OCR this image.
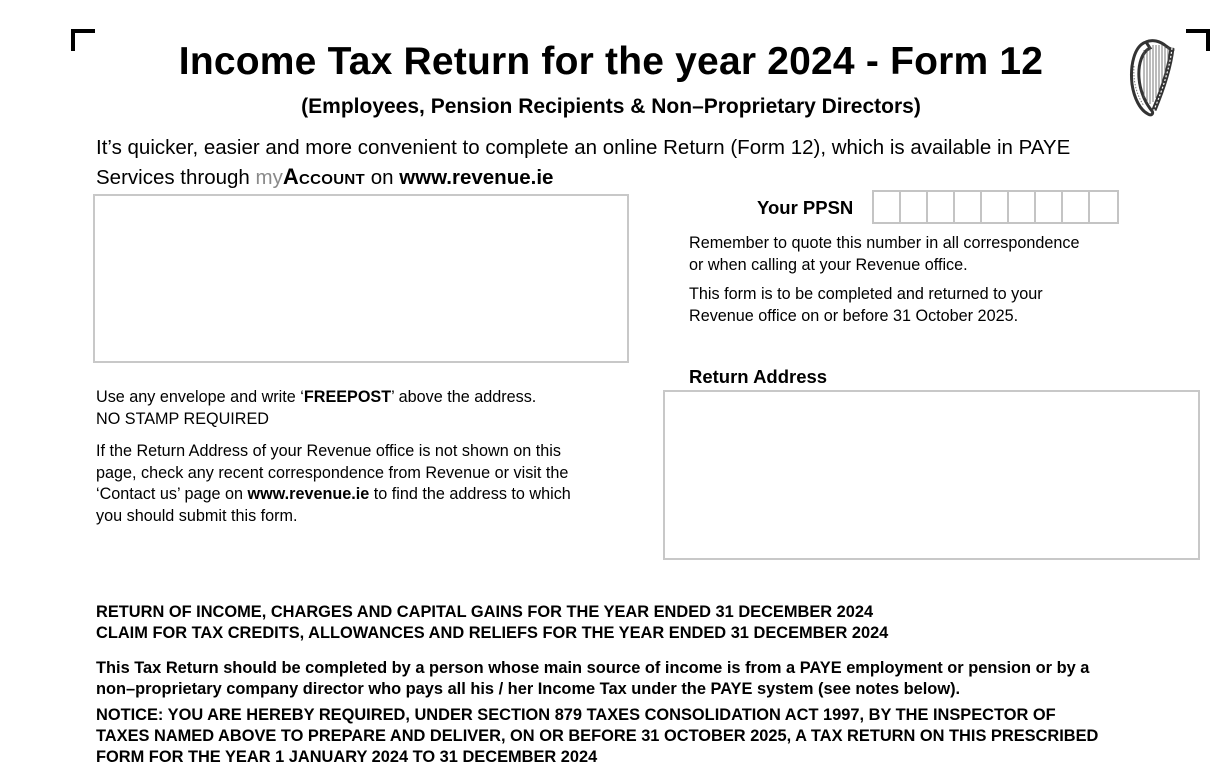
Income Tax Return for the year 2024 - Form 12
(Employees, Pension Recipients & Non–Proprietary Directors)
It’s quicker, easier and more convenient to complete an online Return (Form 12), which is available in PAYE
Services through myAccount on www.revenue.ie
Your PPSN
Remember to quote this number in all correspondence
or when calling at your Revenue office.
This form is to be completed and returned to your
Revenue office on or before 31 October 2025.
Return Address
Use any envelope and write ‘FREEPOST’ above the address.
NO STAMP REQUIRED
If the Return Address of your Revenue office is not shown on this
page, check any recent correspondence from Revenue or visit the
‘Contact us’ page on www.revenue.ie to find the address to which
you should submit this form.
RETURN OF INCOME, CHARGES AND CAPITAL GAINS FOR THE YEAR ENDED 31 DECEMBER 2024
CLAIM FOR TAX CREDITS, ALLOWANCES AND RELIEFS FOR THE YEAR ENDED 31 DECEMBER 2024
This Tax Return should be completed by a person whose main source of income is from a PAYE employment or pension or by a
non–proprietary company director who pays all his / her Income Tax under the PAYE system (see notes below).
NOTICE: YOU ARE HEREBY REQUIRED, UNDER SECTION 879 TAXES CONSOLIDATION ACT 1997, BY THE INSPECTOR OF
TAXES NAMED ABOVE TO PREPARE AND DELIVER, ON OR BEFORE 31 OCTOBER 2025, A TAX RETURN ON THIS PRESCRIBED
FORM FOR THE YEAR 1 JANUARY 2024 TO 31 DECEMBER 2024
